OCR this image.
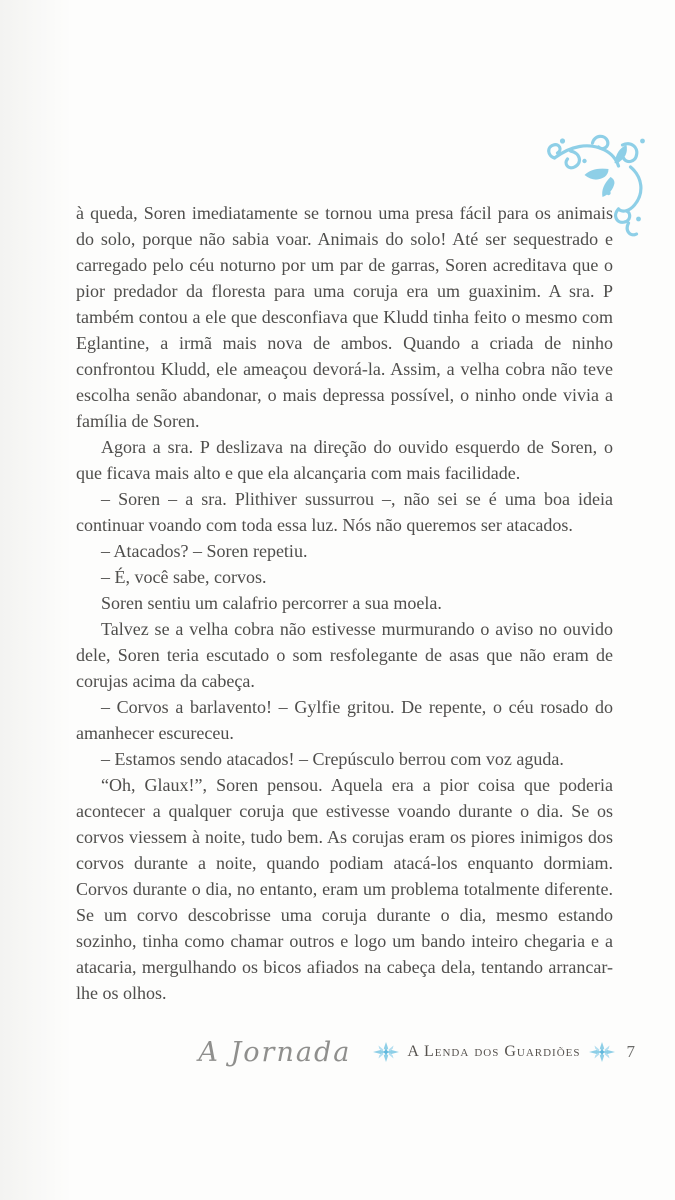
à queda, Soren imediatamente se tornou uma presa fácil para os animais do solo, porque não sabia voar. Animais do solo! Até ser sequestrado e carregado pelo céu noturno por um par de garras, Soren acreditava que o pior predador da floresta para uma coruja era um guaxinim. A sra. P também contou a ele que desconfiava que Kludd tinha feito o mesmo com Eglantine, a irmã mais nova de ambos. Quando a criada de ninho confrontou Kludd, ele ameaçou devorá-la. Assim, a velha cobra não teve escolha senão abandonar, o mais depressa possível, o ninho onde vivia a família de Soren.

Agora a sra. P deslizava na direção do ouvido esquerdo de Soren, o que ficava mais alto e que ela alcançaria com mais facilidade.

– Soren – a sra. Plithiver sussurrou –, não sei se é uma boa ideia continuar voando com toda essa luz. Nós não queremos ser atacados.

– Atacados? – Soren repetiu.

– É, você sabe, corvos.

Soren sentiu um calafrio percorrer a sua moela.

Talvez se a velha cobra não estivesse murmurando o aviso no ouvido dele, Soren teria escutado o som resfolegante de asas que não eram de corujas acima da cabeça.

– Corvos a barlavento! – Gylfie gritou. De repente, o céu rosado do amanhecer escureceu.

– Estamos sendo atacados! – Crepúsculo berrou com voz aguda.

“Oh, Glaux!”, Soren pensou. Aquela era a pior coisa que poderia acontecer a qualquer coruja que estivesse voando durante o dia. Se os corvos viessem à noite, tudo bem. As corujas eram os piores inimigos dos corvos durante a noite, quando podiam atacá-los enquanto dormiam. Corvos durante o dia, no entanto, eram um problema totalmente diferente. Se um corvo descobrisse uma coruja durante o dia, mesmo estando sozinho, tinha como chamar outros e logo um bando inteiro chegaria e a atacaria, mergulhando os bicos afiados na cabeça dela, tentando arrancar-lhe os olhos.

A Jornada	A Lenda dos Guardiões	7
